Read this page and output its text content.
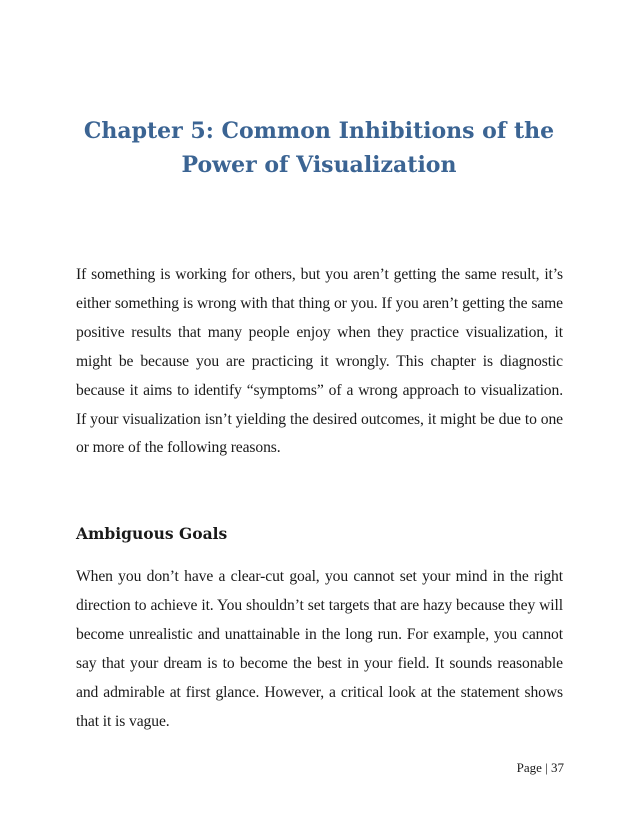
Chapter 5: Common Inhibitions of the Power of Visualization

If something is working for others, but you aren’t getting the same result, it’s either something is wrong with that thing or you. If you aren’t getting the same positive results that many people enjoy when they practice visualization, it might be because you are practicing it wrongly. This chapter is diagnostic because it aims to identify “symptoms” of a wrong approach to visualization. If your visualization isn’t yielding the desired outcomes, it might be due to one or more of the following reasons.

Ambiguous Goals

When you don’t have a clear-cut goal, you cannot set your mind in the right direction to achieve it. You shouldn’t set targets that are hazy because they will become unrealistic and unattainable in the long run. For example, you cannot say that your dream is to become the best in your field. It sounds reasonable and admirable at first glance. However, a critical look at the statement shows that it is vague.

Page | 37
